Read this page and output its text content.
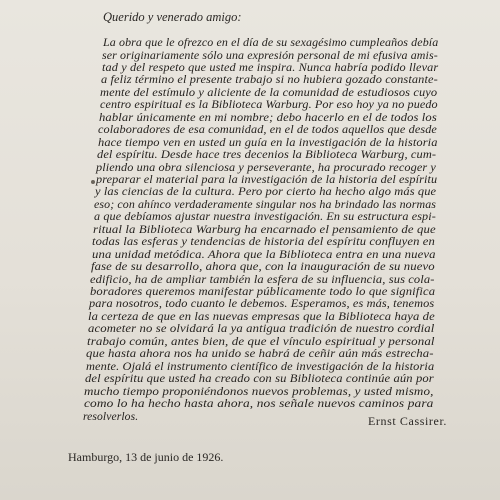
Querido y venerado amigo:
La obra que le ofrezco en el día de su sexagésimo cumpleaños debía
ser originariamente sólo una expresión personal de mi efusiva amis-
tad y del respeto que usted me inspira. Nunca habría podido llevar
a feliz término el presente trabajo si no hubiera gozado constante-
mente del estímulo y aliciente de la comunidad de estudiosos cuyo
centro espiritual es la Biblioteca Warburg. Por eso hoy ya no puedo
hablar únicamente en mi nombre; debo hacerlo en el de todos los
colaboradores de esa comunidad, en el de todos aquellos que desde
hace tiempo ven en usted un guía en la investigación de la historia
del espíritu. Desde hace tres decenios la Biblioteca Warburg, cum-
pliendo una obra silenciosa y perseverante, ha procurado recoger y
preparar el material para la investigación de la historia del espíritu
y las ciencias de la cultura. Pero por cierto ha hecho algo más que
eso; con ahínco verdaderamente singular nos ha brindado las normas
a que debíamos ajustar nuestra investigación. En su estructura espi-
ritual la Biblioteca Warburg ha encarnado el pensamiento de que
todas las esferas y tendencias de historia del espíritu confluyen en
una unidad metódica. Ahora que la Biblioteca entra en una nueva
fase de su desarrollo, ahora que, con la inauguración de su nuevo
edificio, ha de ampliar también la esfera de su influencia, sus cola-
boradores queremos manifestar públicamente todo lo que significa
para nosotros, todo cuanto le debemos. Esperamos, es más, tenemos
la certeza de que en las nuevas empresas que la Biblioteca haya de
acometer no se olvidará la ya antigua tradición de nuestro cordial
trabajo común, antes bien, de que el vínculo espiritual y personal
que hasta ahora nos ha unido se habrá de ceñir aún más estrecha-
mente. Ojalá el instrumento científico de investigación de la historia
del espíritu que usted ha creado con su Biblioteca continúe aún por
mucho tiempo proponiéndonos nuevos problemas, y usted mismo,
como lo ha hecho hasta ahora, nos señale nuevos caminos para
resolverlos.	Ernst Cassirer.
Hamburgo, 13 de junio de 1926.
